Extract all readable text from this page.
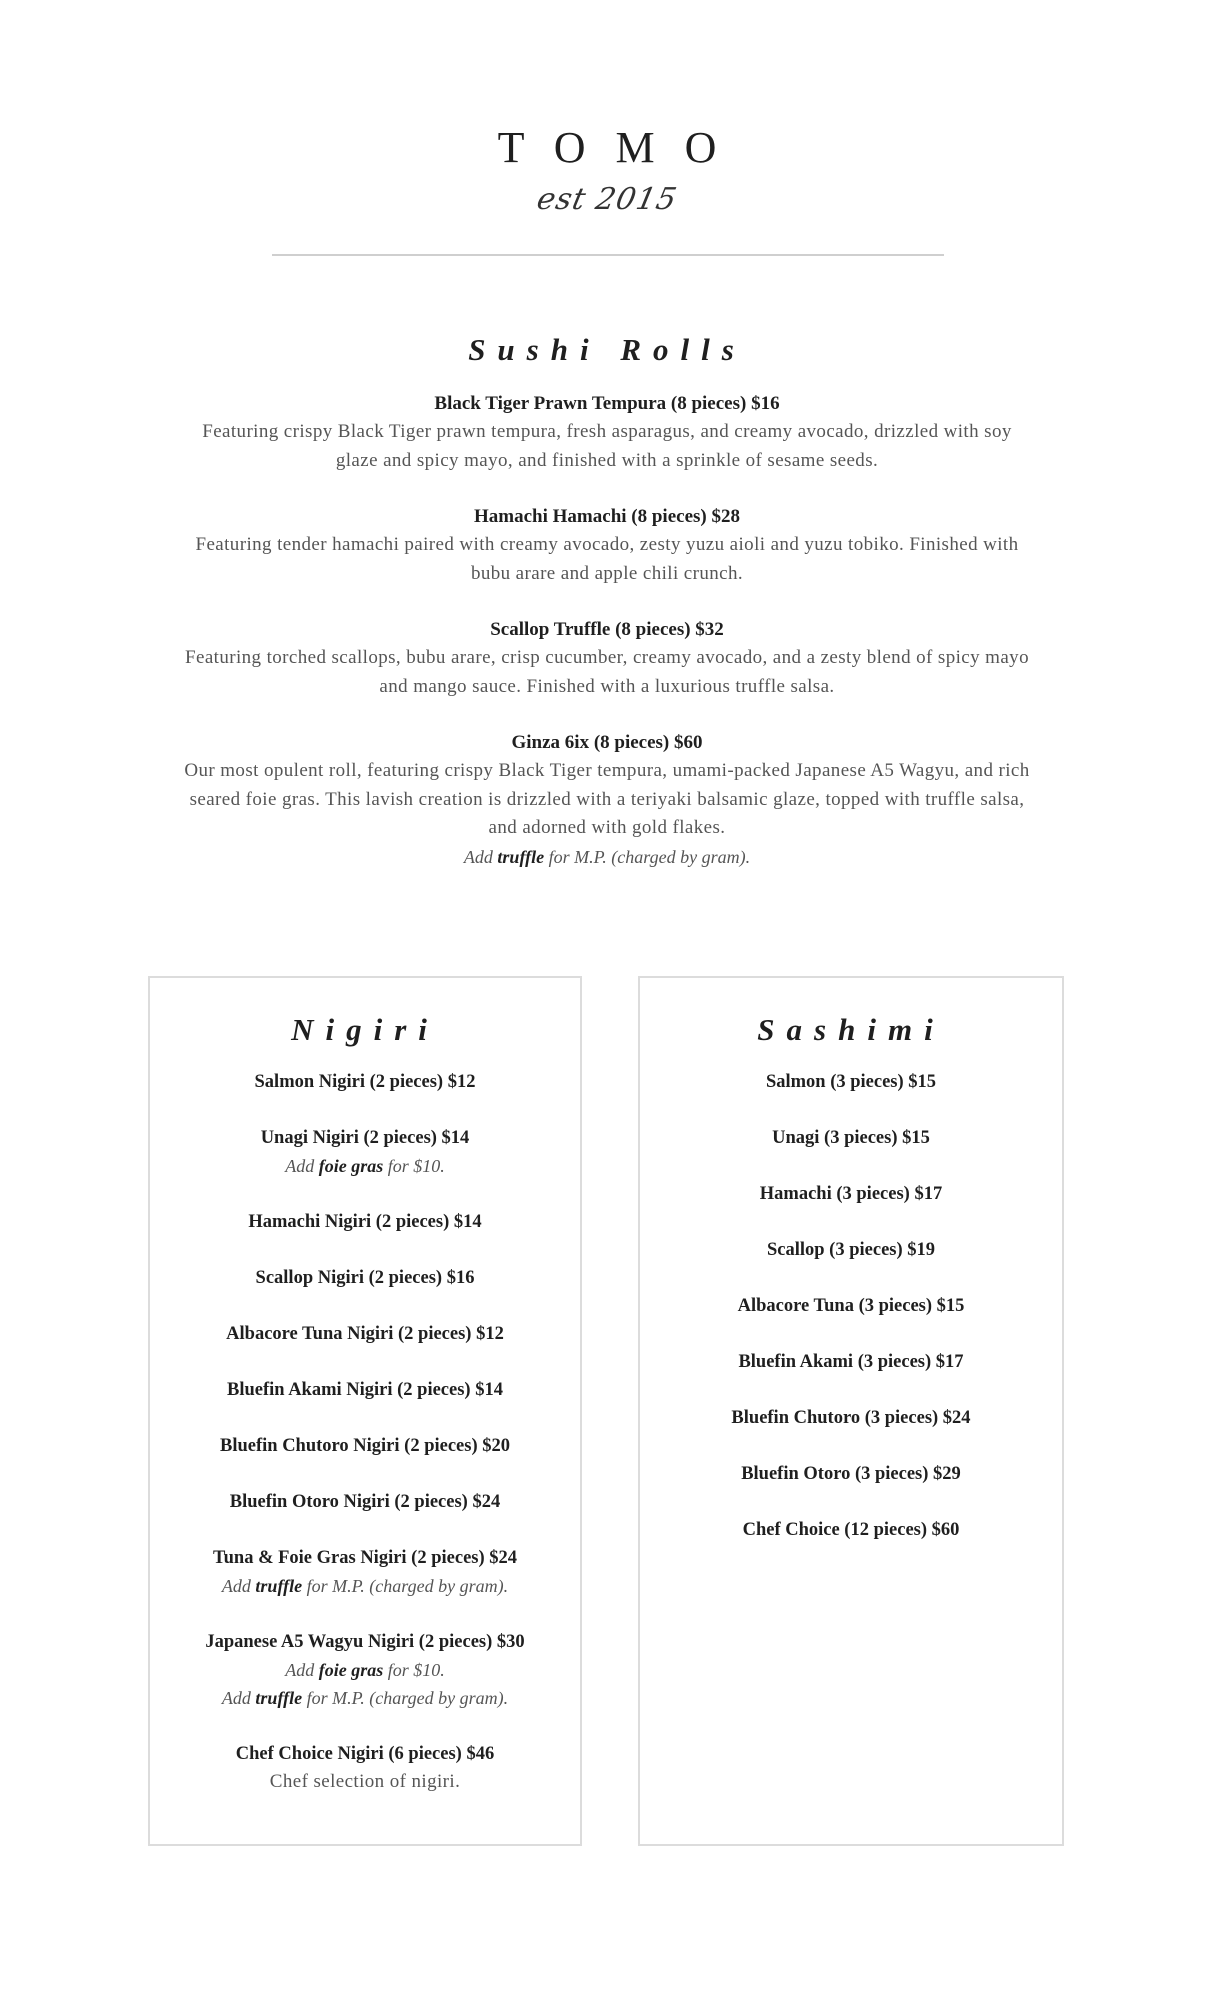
TOMO
est 2015
Sushi Rolls
Black Tiger Prawn Tempura (8 pieces) $16
Featuring crispy Black Tiger prawn tempura, fresh asparagus, and creamy avocado, drizzled with soy glaze and spicy mayo, and finished with a sprinkle of sesame seeds.
Hamachi Hamachi (8 pieces) $28
Featuring tender hamachi paired with creamy avocado, zesty yuzu aioli and yuzu tobiko. Finished with bubu arare and apple chili crunch.
Scallop Truffle (8 pieces) $32
Featuring torched scallops, bubu arare, crisp cucumber, creamy avocado, and a zesty blend of spicy mayo and mango sauce. Finished with a luxurious truffle salsa.
Ginza 6ix (8 pieces) $60
Our most opulent roll, featuring crispy Black Tiger tempura, umami-packed Japanese A5 Wagyu, and rich seared foie gras. This lavish creation is drizzled with a teriyaki balsamic glaze, topped with truffle salsa, and adorned with gold flakes.
Add truffle for M.P. (charged by gram).
Nigiri
Salmon Nigiri (2 pieces) $12
Unagi Nigiri (2 pieces) $14
Add foie gras for $10.
Hamachi Nigiri (2 pieces) $14
Scallop Nigiri (2 pieces) $16
Albacore Tuna Nigiri (2 pieces) $12
Bluefin Akami Nigiri (2 pieces) $14
Bluefin Chutoro Nigiri (2 pieces) $20
Bluefin Otoro Nigiri (2 pieces) $24
Tuna & Foie Gras Nigiri (2 pieces) $24
Add truffle for M.P. (charged by gram).
Japanese A5 Wagyu Nigiri (2 pieces) $30
Add foie gras for $10.
Add truffle for M.P. (charged by gram).
Chef Choice Nigiri (6 pieces) $46
Chef selection of nigiri.
Sashimi
Salmon (3 pieces) $15
Unagi (3 pieces) $15
Hamachi (3 pieces) $17
Scallop (3 pieces) $19
Albacore Tuna (3 pieces) $15
Bluefin Akami (3 pieces) $17
Bluefin Chutoro (3 pieces) $24
Bluefin Otoro (3 pieces) $29
Chef Choice (12 pieces) $60
